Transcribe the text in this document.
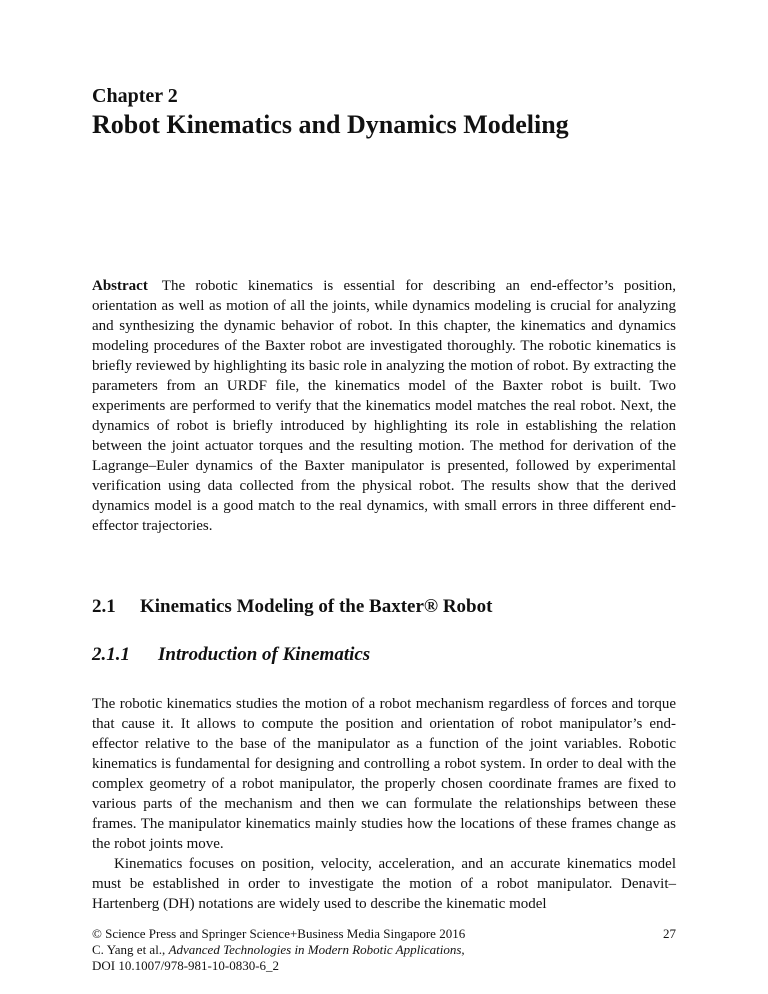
Chapter 2
Robot Kinematics and Dynamics Modeling

Abstract The robotic kinematics is essential for describing an end-effector’s position, orientation as well as motion of all the joints, while dynamics modeling is crucial for analyzing and synthesizing the dynamic behavior of robot. In this chapter, the kinematics and dynamics modeling procedures of the Baxter robot are investigated thoroughly. The robotic kinematics is briefly reviewed by highlighting its basic role in analyzing the motion of robot. By extracting the parameters from an URDF file, the kinematics model of the Baxter robot is built. Two experiments are performed to verify that the kinematics model matches the real robot. Next, the dynamics of robot is briefly introduced by highlighting its role in establishing the relation between the joint actuator torques and the resulting motion. The method for derivation of the Lagrange–Euler dynamics of the Baxter manipulator is presented, followed by experimental verification using data collected from the physical robot. The results show that the derived dynamics model is a good match to the real dynamics, with small errors in three different end-effector trajectories.

2.1 Kinematics Modeling of the Baxter® Robot
2.1.1 Introduction of Kinematics

The robotic kinematics studies the motion of a robot mechanism regardless of forces and torque that cause it. It allows to compute the position and orientation of robot manipulator’s end-effector relative to the base of the manipulator as a function of the joint variables. Robotic kinematics is fundamental for designing and controlling a robot system. In order to deal with the complex geometry of a robot manipulator, the properly chosen coordinate frames are fixed to various parts of the mechanism and then we can formulate the relationships between these frames. The manipulator kinematics mainly studies how the locations of these frames change as the robot joints move.

Kinematics focuses on position, velocity, acceleration, and an accurate kinematics model must be established in order to investigate the motion of a robot manipulator. Denavit–Hartenberg (DH) notations are widely used to describe the kinematic model

© Science Press and Springer Science+Business Media Singapore 2016
C. Yang et al., Advanced Technologies in Modern Robotic Applications,
DOI 10.1007/978-981-10-0830-6_2
27
